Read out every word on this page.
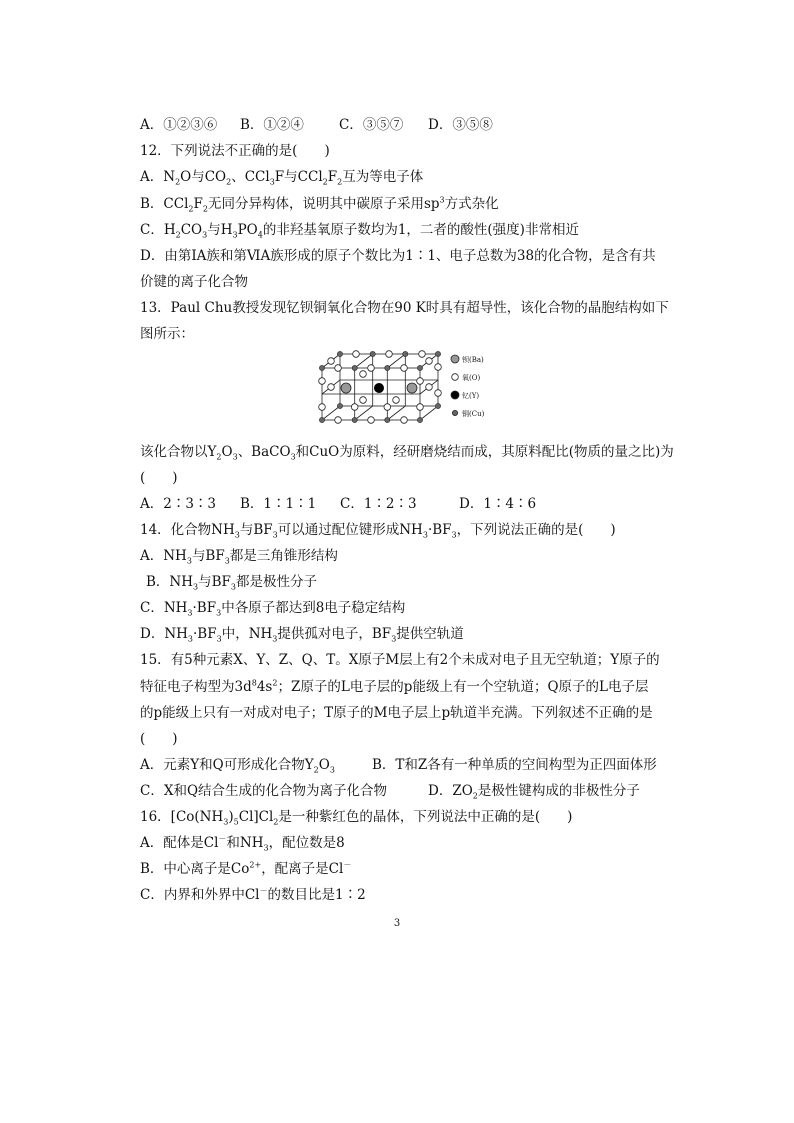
A．①②③⑥ B．①②④	C．③⑤⑦ D．③⑤⑧
12．下列说法不正确的是(　　)
A．$N_2O$与$CO_2$、CCl$_3$F与$CCl_2F_2$互为等电子体
B．$CCl_2F_2$无同分异构体，说明其中碳原子采用$sp^3$方式杂化
C．$H_2CO_3$与$H_3PO_4$的非羟基氧原子数均为1，二者的酸性(强度)非常相近
D．由第ⅠA族和第ⅥA族形成的原子个数比为1∶1、电子总数为38的化合物，是含有共
价键的离子化合物
13．Paul Chu教授发现钇钡铜氧化合物在90 K时具有超导性，该化合物的晶胞结构如下
图所示：
钡(Ba)
氧(O)
钇(Y)
铜(Cu)
该化合物以$Y_2O_3$、BaCO$_3$和CuO为原料，经研磨烧结而成，其原料配比(物质的量之比)为
(　　)
A．2∶3∶3 B．1∶1∶1 C．1∶2∶3	D．1∶4∶6
14．化合物$NH_3$与$BF_3$可以通过配位键形成$NH_3\cdot BF_3$，下列说法正确的是(　　)
A．$NH_3$与$BF_3$都是三角锥形结构
B．$NH_3$与$BF_3$都是极性分子
C．$NH_3\cdot BF_3$中各原子都达到8电子稳定结构
D．$NH_3\cdot BF_3$中，$NH_3$提供孤对电子，$BF_3$提供空轨道
15．有5种元素X、Y、Z、Q、T。X原子M层上有2个未成对电子且无空轨道；Y原子的
特征电子构型为$3d^84s^2$；Z原子的L电子层的p能级上有一个空轨道；Q原子的L电子层
的p能级上只有一对成对电子；T原子的M电子层上p轨道半充满。下列叙述不正确的是
(　　)
A．元素Y和Q可形成化合物$Y_2O_3$	B．T和Z各有一种单质的空间构型为正四面体形
C．X和Q结合生成的化合物为离子化合物	D．$ZO_2$是极性键构成的非极性分子
16．$[Co(NH_3)_5Cl]Cl_2$是一种紫红色的晶体，下列说法中正确的是(　　)
A．配体是Cl－和$NH_3$，配位数是8
B．中心离子是$Co^{2+}$，配离子是Cl－
C．内界和外界中Cl－的数目比是1∶2
3
